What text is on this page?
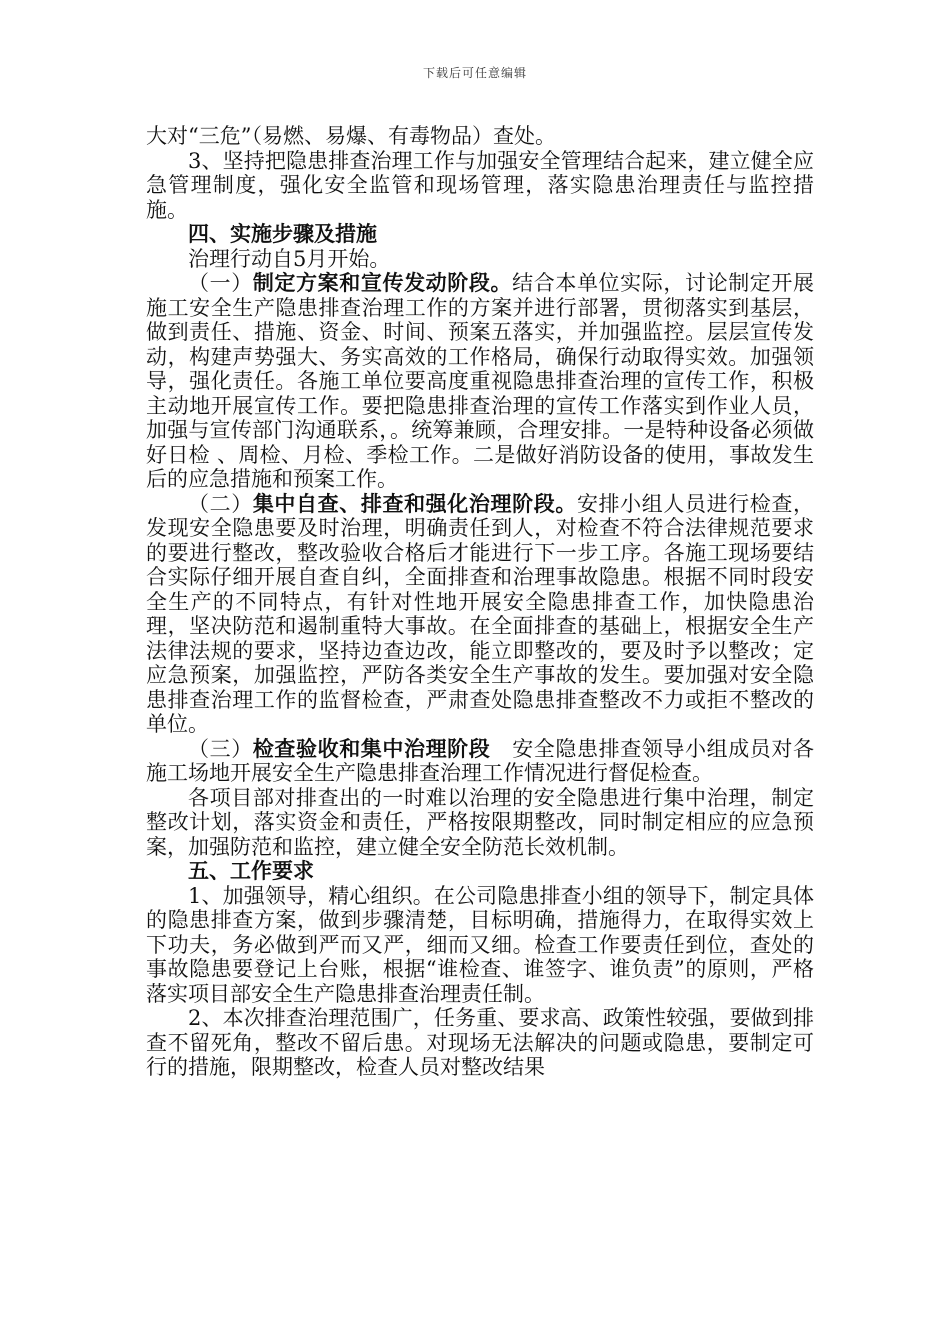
下载后可任意编辑

大对“三危”（易燃、易爆、有毒物品）查处。

3、坚持把隐患排查治理工作与加强安全管理结合起来，建立健全应急管理制度，强化安全监管和现场管理，落实隐患治理责任与监控措施。

四、实施步骤及措施

治理行动自5月开始。

（一）制定方案和宣传发动阶段。结合本单位实际，讨论制定开展施工安全生产隐患排查治理工作的方案并进行部署，贯彻落实到基层，做到责任、措施、资金、时间、预案五落实，并加强监控。层层宣传发动，构建声势强大、务实高效的工作格局，确保行动取得实效。加强领导，强化责任。各施工单位要高度重视隐患排查治理的宣传工作，积极主动地开展宣传工作。要把隐患排查治理的宣传工作落实到作业人员，加强与宣传部门沟通联系，。统筹兼顾，合理安排。一是特种设备必须做好日检 、周检、月检、季检工作。二是做好消防设备的使用，事故发生后的应急措施和预案工作。

（二）集中自查、排查和强化治理阶段。安排小组人员进行检查，发现安全隐患要及时治理，明确责任到人，对检查不符合法律规范要求的要进行整改，整改验收合格后才能进行下一步工序。各施工现场要结合实际仔细开展自查自纠，全面排查和治理事故隐患。根据不同时段安全生产的不同特点，有针对性地开展安全隐患排查工作，加快隐患治理，坚决防范和遏制重特大事故。在全面排查的基础上，根据安全生产法律法规的要求，坚持边查边改，能立即整改的，要及时予以整改；定应急预案，加强监控，严防各类安全生产事故的发生。要加强对安全隐患排查治理工作的监督检查，严肃查处隐患排查整改不力或拒不整改的单位。

（三）检查验收和集中治理阶段   安全隐患排查领导小组成员对各施工场地开展安全生产隐患排查治理工作情况进行督促检查。

各项目部对排查出的一时难以治理的安全隐患进行集中治理，制定整改计划，落实资金和责任，严格按限期整改，同时制定相应的应急预案，加强防范和监控，建立健全安全防范长效机制。

五、工作要求

1、加强领导，精心组织。在公司隐患排查小组的领导下，制定具体的隐患排查方案，做到步骤清楚，目标明确，措施得力，在取得实效上下功夫，务必做到严而又严，细而又细。检查工作要责任到位，查处的事故隐患要登记上台账，根据“谁检查、谁签字、谁负责”的原则，严格落实项目部安全生产隐患排查治理责任制。

2、本次排查治理范围广，任务重、要求高、政策性较强，要做到排查不留死角，整改不留后患。对现场无法解决的问题或隐患，要制定可行的措施，限期整改，检查人员对整改结果
